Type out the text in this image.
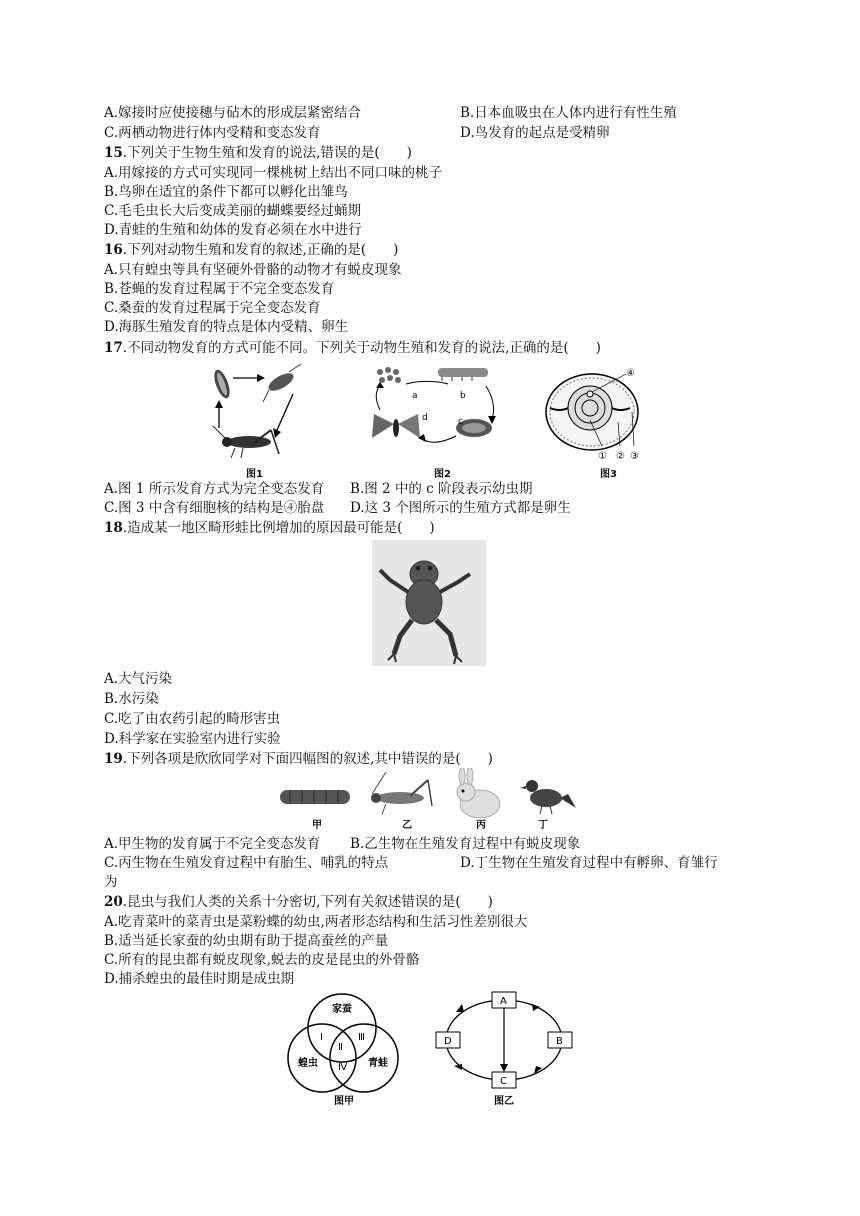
A.嫁接时应使接穗与砧木的形成层紧密结合	B.日本血吸虫在人体内进行有性生殖
C.两栖动物进行体内受精和变态发育	D.鸟发育的起点是受精卵
15.下列关于生物生殖和发育的说法,错误的是(　　)
A.用嫁接的方式可实现同一棵桃树上结出不同口味的桃子
B.鸟卵在适宜的条件下都可以孵化出雏鸟
C.毛毛虫长大后变成美丽的蝴蝶要经过蛹期
D.青蛙的生殖和幼体的发育必须在水中进行
16.下列对动物生殖和发育的叙述,正确的是(　　)
A.只有蝗虫等具有坚硬外骨骼的动物才有蜕皮现象
B.苍蝇的发育过程属于不完全变态发育
C.桑蚕的发育过程属于完全变态发育
D.海豚生殖发育的特点是体内受精、卵生
17.不同动物发育的方式可能不同。下列关于动物生殖和发育的说法,正确的是(　　)
图1
a	b
c
d
图2
④
① ② ③
图3
A.图 1 所示发育方式为完全变态发育 B.图 2 中的 c 阶段表示幼虫期
C.图 3 中含有细胞核的结构是④胎盘 D.这 3 个图所示的生殖方式都是卵生
18.造成某一地区畸形蛙比例增加的原因最可能是(　　)
A.大气污染
B.水污染
C.吃了由农药引起的畸形害虫
D.科学家在实验室内进行实验
19.下列各项是欣欣同学对下面四幅图的叙述,其中错误的是(　　)
甲	乙	丙	丁
A.甲生物的发育属于不完全变态发育 B.乙生物在生殖发育过程中有蜕皮现象
C.丙生物在生殖发育过程中有胎生、哺乳的特点	D.丁生物在生殖发育过程中有孵卵、育雏行
为
20.昆虫与我们人类的关系十分密切,下列有关叙述错误的是(　　)
A.吃青菜叶的菜青虫是菜粉蝶的幼虫,两者形态结构和生活习性差别很大
B.适当延长家蚕的幼虫期有助于提高蚕丝的产量
C.所有的昆虫都有蜕皮现象,蜕去的皮是昆虫的外骨骼
D.捕杀蝗虫的最佳时期是成虫期
家蚕
蝗虫	青蛙
Ⅰ
Ⅱ
Ⅲ
Ⅳ
图甲
A
B
C
D
图乙
